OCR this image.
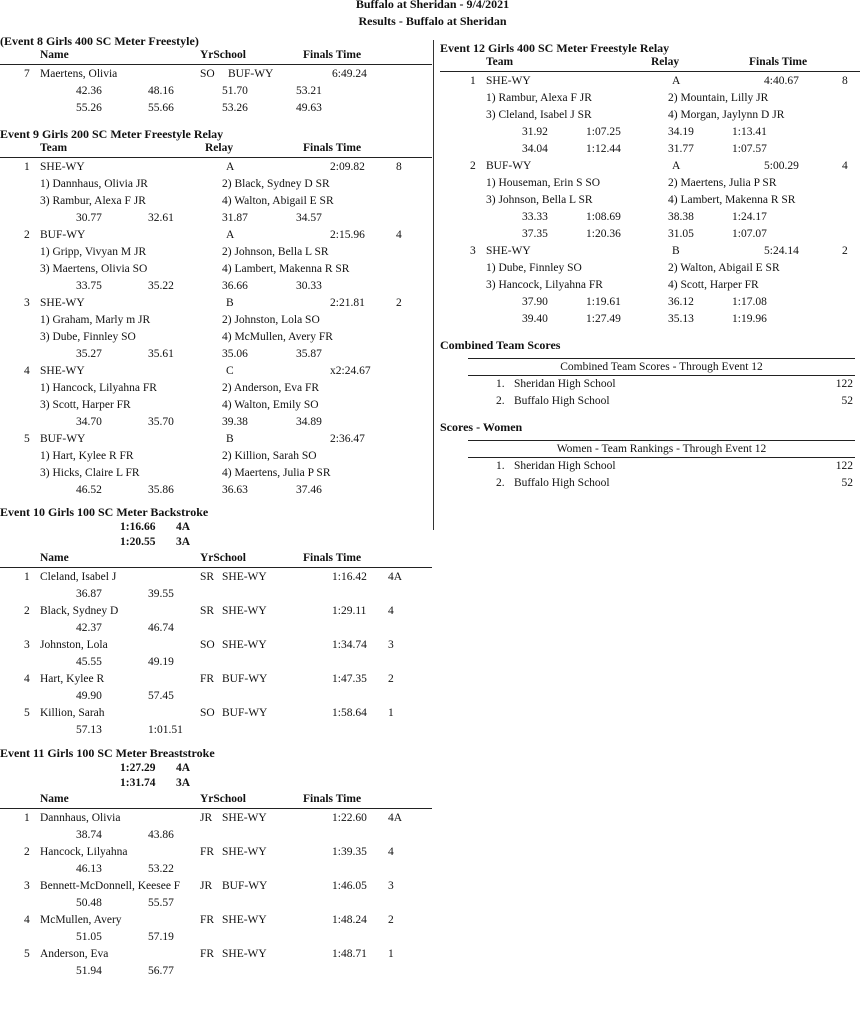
Buffalo at Sheridan - 9/4/2021
Results - Buffalo at Sheridan
(Event 8 Girls 400 SC Meter Freestyle)
Name	YrSchool	Finals Time
7 Maertens, Olivia	SO BUF-WY	6:49.24
42.36	48.16	51.70	53.21
55.26	55.66	53.26	49.63
Event 9 Girls 200 SC Meter Freestyle Relay
Team	Relay	Finals Time
1 SHE-WY	A	2:09.82	8
1) Dannhaus, Olivia JR	2) Black, Sydney D SR
3) Rambur, Alexa F JR	4) Walton, Abigail E SR
30.77	32.61	31.87	34.57
2 BUF-WY	A	2:15.96	4
1) Gripp, Vivyan M JR	2) Johnson, Bella L SR
3) Maertens, Olivia SO	4) Lambert, Makenna R SR
33.75	35.22	36.66	30.33
3 SHE-WY	B	2:21.81	2
1) Graham, Marly m JR	2) Johnston, Lola SO
3) Dube, Finnley SO	4) McMullen, Avery FR
35.27	35.61	35.06	35.87
4 SHE-WY	C	x2:24.67
1) Hancock, Lilyahna FR	2) Anderson, Eva FR
3) Scott, Harper FR	4) Walton, Emily SO
34.70	35.70	39.38	34.89
5 BUF-WY	B	2:36.47
1) Hart, Kylee R FR	2) Killion, Sarah SO
3) Hicks, Claire L FR	4) Maertens, Julia P SR
46.52	35.86	36.63	37.46
Event 10 Girls 100 SC Meter Backstroke
1:16.66 4A
1:20.55 3A
Name	YrSchool	Finals Time
1 Cleland, Isabel J	SR SHE-WY	1:16.42 4A
36.87	39.55
2 Black, Sydney D	SR SHE-WY	1:29.11 4
42.37	46.74
3 Johnston, Lola	SO SHE-WY	1:34.74 3
45.55	49.19
4 Hart, Kylee R	FR BUF-WY	1:47.35 2
49.90	57.45
5 Killion, Sarah	SO BUF-WY	1:58.64 1
57.13	1:01.51
Event 11 Girls 100 SC Meter Breaststroke
1:27.29 4A
1:31.74 3A
Name	YrSchool	Finals Time
1 Dannhaus, Olivia	JR SHE-WY	1:22.60 4A
38.74	43.86
2 Hancock, Lilyahna	FR SHE-WY	1:39.35 4
46.13	53.22
3 Bennett-McDonnell, Keesee F JR BUF-WY	1:46.05 3
50.48	55.57
4 McMullen, Avery	FR SHE-WY	1:48.24 2
51.05	57.19
5 Anderson, Eva	FR SHE-WY	1:48.71 1
51.94	56.77
Event 12 Girls 400 SC Meter Freestyle Relay
Team	Relay	Finals Time
1 SHE-WY	A	4:40.67	8
1) Rambur, Alexa F JR	2) Mountain, Lilly JR
3) Cleland, Isabel J SR	4) Morgan, Jaylynn D JR
31.92	1:07.25	34.19	1:13.41
34.04	1:12.44	31.77	1:07.57
2 BUF-WY	A	5:00.29	4
1) Houseman, Erin S SO	2) Maertens, Julia P SR
3) Johnson, Bella L SR	4) Lambert, Makenna R SR
33.33	1:08.69	38.38	1:24.17
37.35	1:20.36	31.05	1:07.07
3 SHE-WY	B	5:24.14	2
1) Dube, Finnley SO	2) Walton, Abigail E SR
3) Hancock, Lilyahna FR	4) Scott, Harper FR
37.90	1:19.61	36.12	1:17.08
39.40	1:27.49	35.13	1:19.96
Combined Team Scores
Combined Team Scores - Through Event 12
1. Sheridan High School	122
2. Buffalo High School	52
Scores - Women
Women - Team Rankings - Through Event 12
1. Sheridan High School	122
2. Buffalo High School	52
